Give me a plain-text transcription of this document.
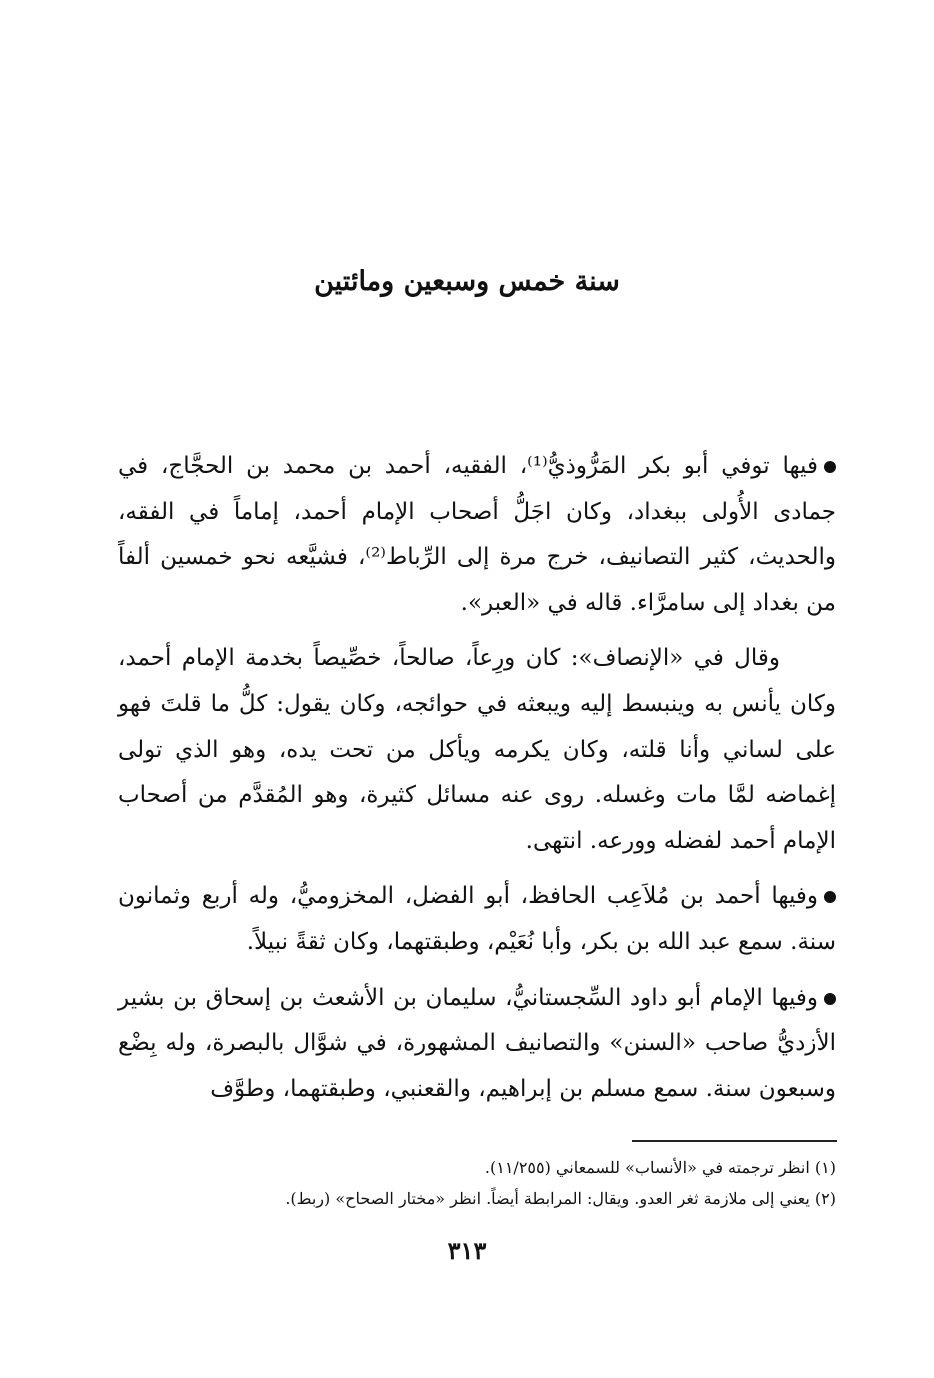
سنة خمس وسبعين ومائتين

فيها توفي أبو بكر المَرُّوذيُّ⁽¹⁾، الفقيه، أحمد بن محمد بن الحجَّاج، في جمادى الأُولى ببغداد، وكان اجَلُّ أصحاب الإمام أحمد، إماماً في الفقه، والحديث، كثير التصانيف، خرج مرة إلى الرِّباط⁽²⁾، فشيَّعه نحو خمسين ألفاً من بغداد إلى سامرَّاء. قاله في «العبر».

وقال في «الإنصاف»: كان ورِعاً، صالحاً، خصِّيصاً بخدمة الإمام أحمد، وكان يأنس به وينبسط إليه ويبعثه في حوائجه، وكان يقول: كلُّ ما قلتَ فهو على لساني وأنا قلته، وكان يكرمه ويأكل من تحت يده، وهو الذي تولى إغماضه لمَّا مات وغسله. روى عنه مسائل كثيرة، وهو المُقدَّم من أصحاب الإمام أحمد لفضله وورعه. انتهى.

وفيها أحمد بن مُلاَعِب الحافظ، أبو الفضل، المخزوميُّ، وله أربع وثمانون سنة. سمع عبد الله بن بكر، وأبا نُعَيْم، وطبقتهما، وكان ثقةً نبيلاً.

وفيها الإمام أبو داود السِّجستانيُّ، سليمان بن الأشعث بن إسحاق بن بشير الأزديُّ صاحب «السنن» والتصانيف المشهورة، في شوَّال بالبصرة، وله بِضْع وسبعون سنة. سمع مسلم بن إبراهيم، والقعنبي، وطبقتهما، وطوَّف

(١) انظر ترجمته في «الأنساب» للسمعاني (١١/٢٥٥).

(٢) يعني إلى ملازمة ثغر العدو. ويقال: المرابطة أيضاً. انظر «مختار الصحاح» (ربط).

٣١٣
